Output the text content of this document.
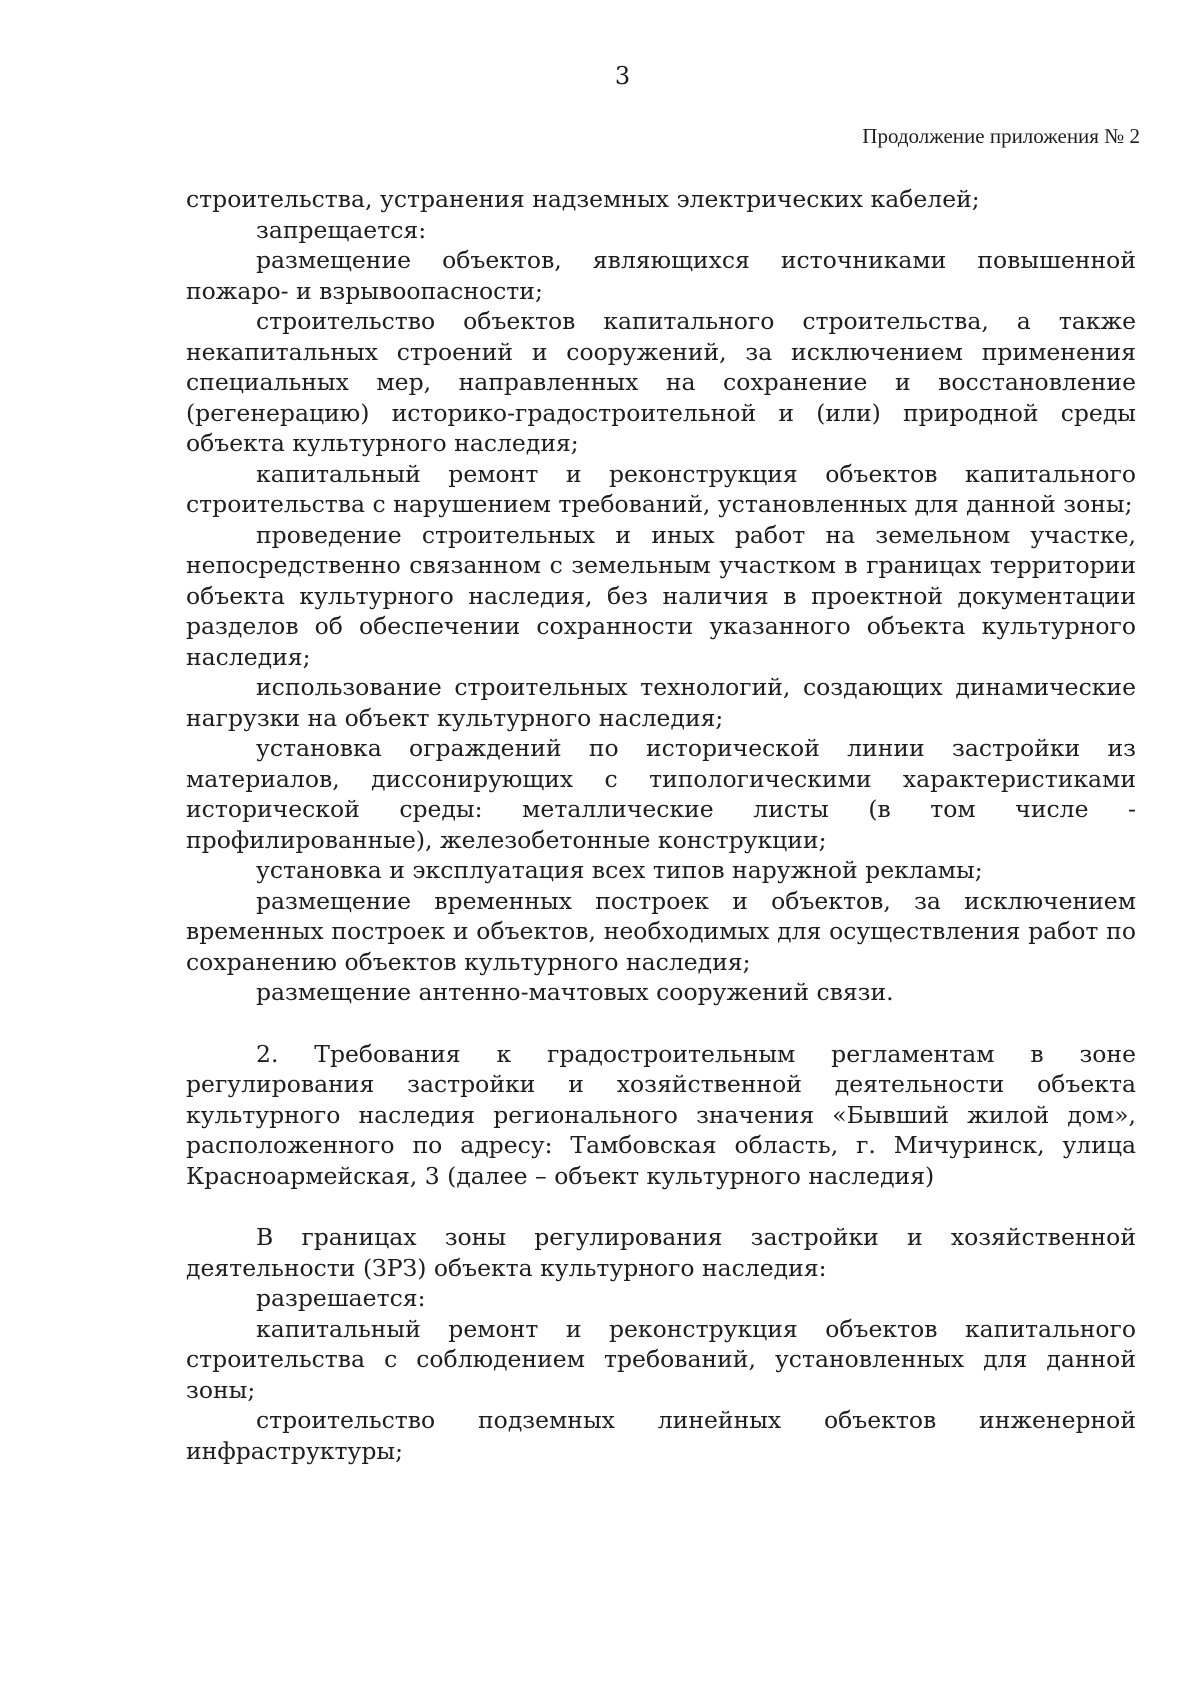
3
Продолжение приложения № 2

строительства, устранения надземных электрических кабелей;

запрещается:

размещение объектов, являющихся источниками повышенной пожаро- и взрывоопасности;

строительство объектов капитального строительства, а также некапитальных строений и сооружений, за исключением применения специальных мер, направленных на сохранение и восстановление (регенерацию) историко-градостроительной и (или) природной среды объекта культурного наследия;

капитальный ремонт и реконструкция объектов капитального строительства с нарушением требований, установленных для данной зоны;

проведение строительных и иных работ на земельном участке, непосредственно связанном с земельным участком в границах территории объекта культурного наследия, без наличия в проектной документации разделов об обеспечении сохранности указанного объекта культурного наследия;

использование строительных технологий, создающих динамические нагрузки на объект культурного наследия;

установка ограждений по исторической линии застройки из материалов, диссонирующих с типологическими характеристиками исторической среды: металлические листы (в том числе - профилированные), железобетонные конструкции;

установка и эксплуатация всех типов наружной рекламы;

размещение временных построек и объектов, за исключением временных построек и объектов, необходимых для осуществления работ по сохранению объектов культурного наследия;

размещение антенно-мачтовых сооружений связи.

2. Требования к градостроительным регламентам в зоне регулирования застройки и хозяйственной деятельности объекта культурного наследия регионального значения «Бывший жилой дом», расположенного по адресу: Тамбовская область, г. Мичуринск, улица Красноармейская, 3 (далее – объект культурного наследия)

В границах зоны регулирования застройки и хозяйственной деятельности (ЗРЗ) объекта культурного наследия:

разрешается:

капитальный ремонт и реконструкция объектов капитального строительства с соблюдением требований, установленных для данной зоны;

строительство подземных линейных объектов инженерной инфраструктуры;
